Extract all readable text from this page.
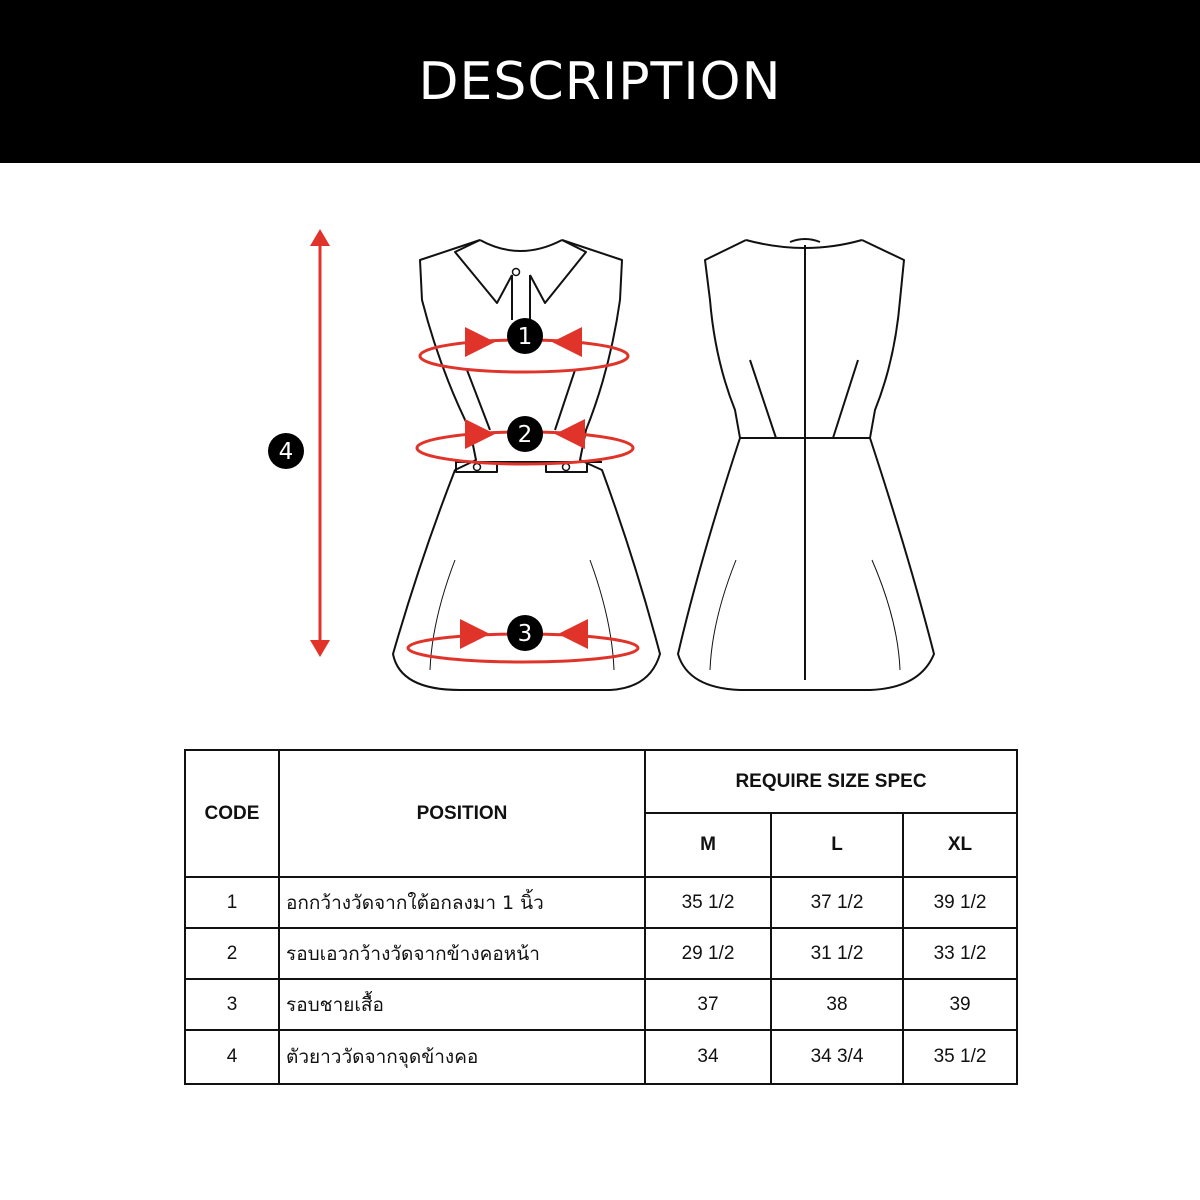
DESCRIPTION
1
2
3
4
CODE	POSITION	REQUIRE SIZE SPEC		
		M	L	XL
1	อกกว้างวัดจากใต้อกลงมา 1 นิ้ว	35 1/2	37 1/2	39 1/2
2	รอบเอวกว้างวัดจากข้างคอหน้า	29 1/2	31 1/2	33 1/2
3	รอบชายเสื้อ	37	38	39
4	ตัวยาววัดจากจุดข้างคอ	34	34 3/4	35 1/2
